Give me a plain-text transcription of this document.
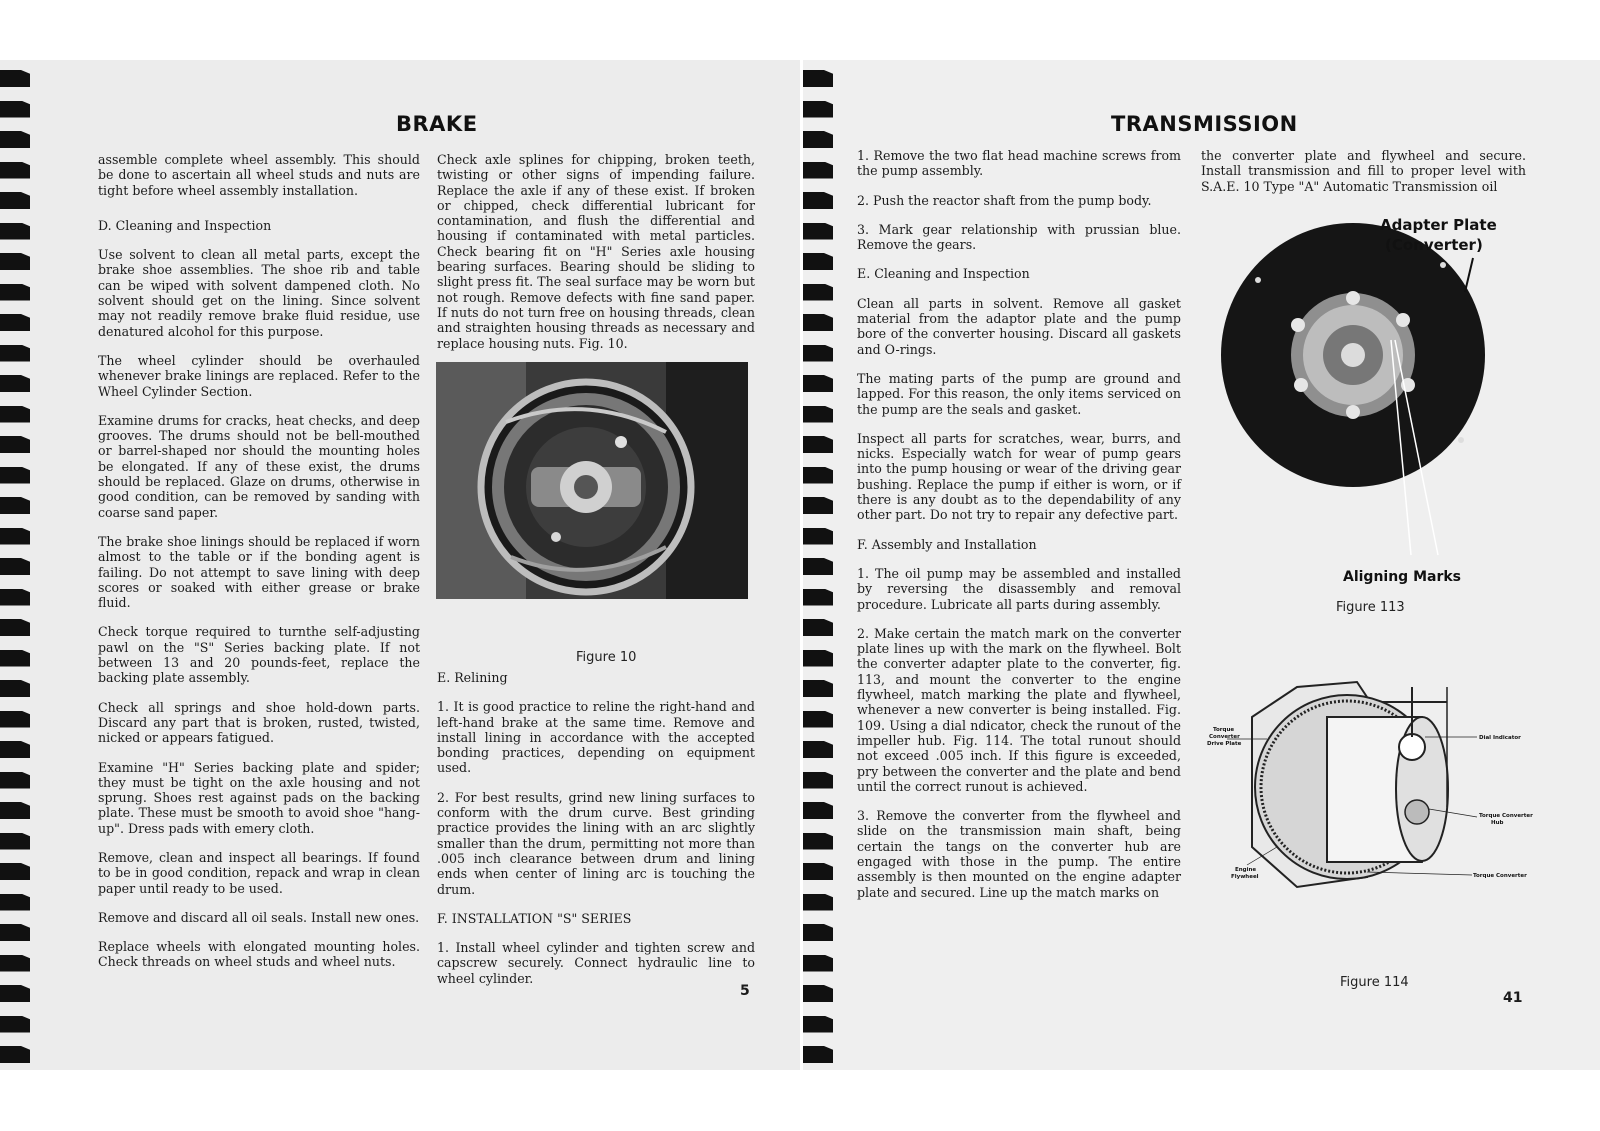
BRAKE

assemble complete wheel assembly. This should be done to ascertain all wheel studs and nuts are tight before wheel assembly installation.

D. Cleaning and Inspection

Use solvent to clean all metal parts, except the brake shoe assemblies. The shoe rib and table can be wiped with solvent dampened cloth. No solvent should get on the lining. Since solvent may not readily remove brake fluid residue, use denatured alcohol for this purpose.

The wheel cylinder should be overhauled whenever brake linings are replaced. Refer to the Wheel Cylinder Section.

Examine drums for cracks, heat checks, and deep grooves. The drums should not be bell-mouthed or barrel-shaped nor should the mounting holes be elongated. If any of these exist, the drums should be replaced. Glaze on drums, otherwise in good condition, can be removed by sanding with coarse sand paper.

The brake shoe linings should be replaced if worn almost to the table or if the bonding agent is failing. Do not attempt to save lining with deep scores or soaked with either grease or brake fluid.

Check torque required to turnthe self-adjusting pawl on the "S" Series backing plate. If not between 13 and 20 pounds-feet, replace the backing plate assembly.

Check all springs and shoe hold-down parts. Discard any part that is broken, rusted, twisted, nicked or appears fatigued.

Examine "H" Series backing plate and spider; they must be tight on the axle housing and not sprung. Shoes rest against pads on the backing plate. These must be smooth to avoid shoe "hang-up". Dress pads with emery cloth.

Remove, clean and inspect all bearings. If found to be in good condition, repack and wrap in clean paper until ready to be used.

Remove and discard all oil seals. Install new ones.

Replace wheels with elongated mounting holes. Check threads on wheel studs and wheel nuts.

Check axle splines for chipping, broken teeth, twisting or other signs of impending failure. Replace the axle if any of these exist. If broken or chipped, check differential lubricant for contamination, and flush the differential and housing if contaminated with metal particles. Check bearing fit on "H" Series axle housing bearing surfaces. Bearing should be sliding to slight press fit. The seal surface may be worn but not rough. Remove defects with fine sand paper. If nuts do not turn free on housing threads, clean and straighten housing threads as necessary and replace housing nuts. Fig. 10.

Figure 10

E. Relining

1. It is good practice to reline the right-hand and left-hand brake at the same time. Remove and install lining in accordance with the accepted bonding practices, depending on equipment used.

2. For best results, grind new lining surfaces to conform with the drum curve. Best grinding practice provides the lining with an arc slightly smaller than the drum, permitting not more than .005 inch clearance between drum and lining ends when center of lining arc is touching the drum.

F. INSTALLATION "S" SERIES

1. Install wheel cylinder and tighten screw and capscrew securely. Connect hydraulic line to wheel cylinder.

5

TRANSMISSION

1. Remove the two flat head machine screws from the pump assembly.

2. Push the reactor shaft from the pump body.

3. Mark gear relationship with prussian blue. Remove the gears.

E. Cleaning and Inspection

Clean all parts in solvent. Remove all gasket material from the adaptor plate and the pump bore of the converter housing. Discard all gaskets and O-rings.

The mating parts of the pump are ground and lapped. For this reason, the only items serviced on the pump are the seals and gasket.

Inspect all parts for scratches, wear, burrs, and nicks. Especially watch for wear of pump gears into the pump housing or wear of the driving gear bushing. Replace the pump if either is worn, or if there is any doubt as to the dependability of any other part. Do not try to repair any defective part.

F. Assembly and Installation

1. The oil pump may be assembled and installed by reversing the disassembly and removal procedure. Lubricate all parts during assembly.

2. Make certain the match mark on the converter plate lines up with the mark on the flywheel. Bolt the converter adapter plate to the converter, fig. 113, and mount the converter to the engine flywheel, match marking the plate and flywheel, whenever a new converter is being installed. Fig. 109. Using a dial ndicator, check the runout of the impeller hub. Fig. 114. The total runout should not exceed .005 inch. If this figure is exceeded, pry between the converter and the plate and bend until the correct runout is achieved.

3. Remove the converter from the flywheel and slide on the transmission main shaft, being certain the tangs on the converter hub are engaged with those in the pump. The entire assembly is then mounted on the engine adapter plate and secured. Line up the match marks on

the converter plate and flywheel and secure. Install transmission and fill to proper level with S.A.E. 10 Type "A" Automatic Transmission oil

Adapter Plate
(Converter)
Aligning Marks

Figure 113

Torque
Converter
Drive Plate
Dial Indicator
Torque Converter
Hub
Engine
Flywheel	Torque Converter

Figure 114

41
